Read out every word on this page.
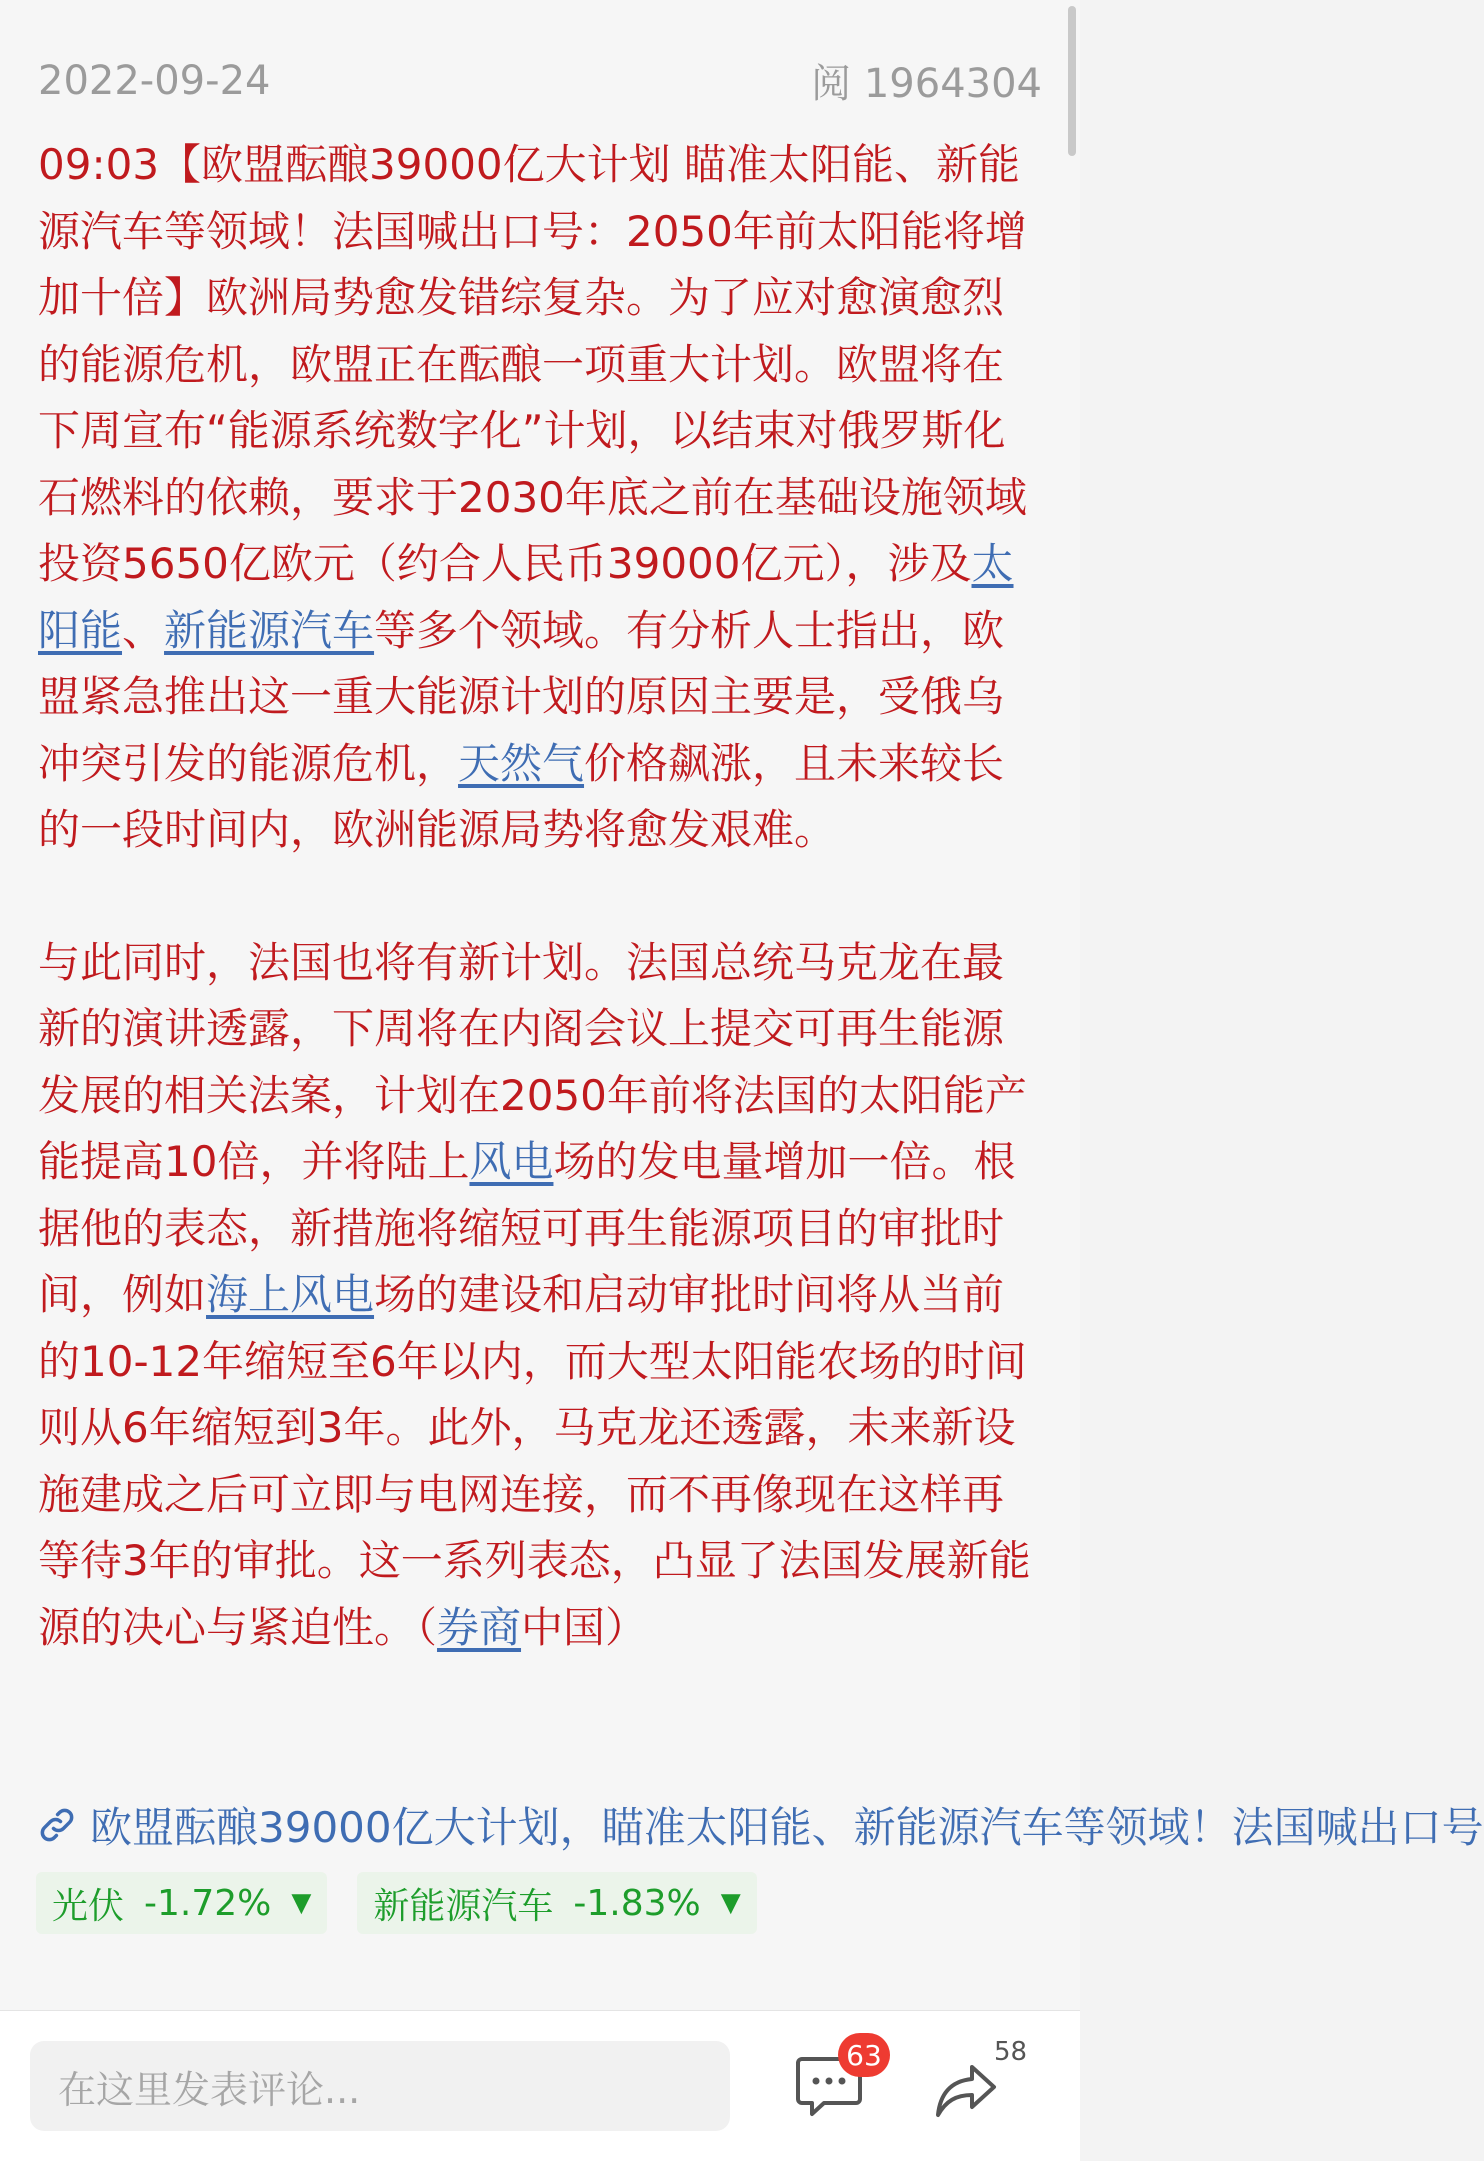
2022-09-24	阅 1964304

09:03【欧盟酝酿39000亿大计划 瞄准太阳能、新能源汽车等领域！法国喊出口号：2050年前太阳能将增加十倍】欧洲局势愈发错综复杂。为了应对愈演愈烈的能源危机，欧盟正在酝酿一项重大计划。欧盟将在下周宣布“能源系统数字化”计划，以结束对俄罗斯化石燃料的依赖，要求于2030年底之前在基础设施领域投资5650亿欧元（约合人民币39000亿元），涉及太阳能、新能源汽车等多个领域。有分析人士指出，欧盟紧急推出这一重大能源计划的原因主要是，受俄乌冲突引发的能源危机，天然气价格飙涨，且未来较长的一段时间内，欧洲能源局势将愈发艰难。

与此同时，法国也将有新计划。法国总统马克龙在最新的演讲透露，下周将在内阁会议上提交可再生能源发展的相关法案，计划在2050年前将法国的太阳能产能提高10倍，并将陆上风电场的发电量增加一倍。根据他的表态，新措施将缩短可再生能源项目的审批时间，例如海上风电场的建设和启动审批时间将从当前的10-12年缩短至6年以内，而大型太阳能农场的时间则从6年缩短到3年。此外，马克龙还透露，未来新设施建成之后可立即与电网连接，而不再像现在这样再等待3年的审批。这一系列表态，凸显了法国发展新能源的决心与紧迫性。（券商中国）

欧盟酝酿39000亿大计划，瞄准太阳能、新能源汽车等领域！法国喊出口号
光伏 -1.72% ▼ 新能源汽车 -1.83% ▼
在这里发表评论...
63	58
